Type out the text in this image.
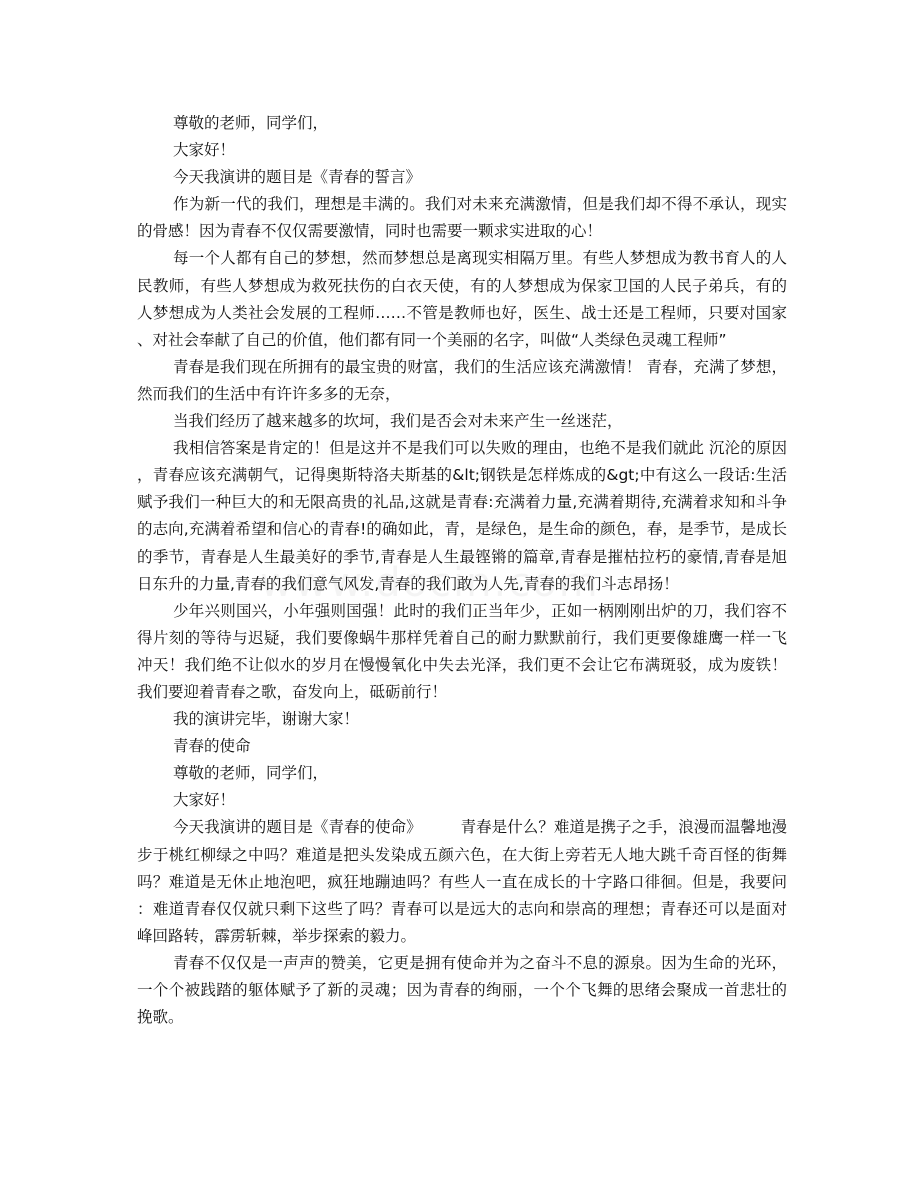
尊敬的老师，同学们，

大家好！

今天我演讲的题目是《青春的誓言》

作为新一代的我们，理想是丰满的。我们对未来充满激情，但是我们却不得不承认，现实的骨感！因为青春不仅仅需要激情，同时也需要一颗求实进取的心！

每一个人都有自己的梦想，然而梦想总是离现实相隔万里。有些人梦想成为教书育人的人民教师，有些人梦想成为救死扶伤的白衣天使，有的人梦想成为保家卫国的人民子弟兵，有的人梦想成为人类社会发展的工程师……不管是教师也好，医生、战士还是工程师，只要对国家、对社会奉献了自己的价值，他们都有同一个美丽的名字，叫做“人类绿色灵魂工程师”

青春是我们现在所拥有的最宝贵的财富，我们的生活应该充满激情！ 青春，充满了梦想，然而我们的生活中有许许多多的无奈，

当我们经历了越来越多的坎坷，我们是否会对未来产生一丝迷茫，

我相信答案是肯定的！但是这并不是我们可以失败的理由，也绝不是我们就此 沉沦的原因，青春应该充满朝气，记得奥斯特洛夫斯基的&lt;钢铁是怎样炼成的&gt;中有这么一段话:生活赋予我们一种巨大的和无限高贵的礼品,这就是青春:充满着力量,充满着期待,充满着求知和斗争的志向,充满着希望和信心的青春!的确如此，青，是绿色，是生命的颜色，春，是季节，是成长的季节，青春是人生最美好的季节,青春是人生最铿锵的篇章,青春是摧枯拉朽的豪情,青春是旭日东升的力量,青春的我们意气风发,青春的我们敢为人先,青春的我们斗志昂扬！

少年兴则国兴，小年强则国强！此时的我们正当年少，正如一柄刚刚出炉的刀，我们容不得片刻的等待与迟疑，我们要像蜗牛那样凭着自己的耐力默默前行，我们更要像雄鹰一样一飞冲天！我们绝不让似水的岁月在慢慢氧化中失去光泽，我们更不会让它布满斑驳，成为废铁！我们要迎着青春之歌，奋发向上，砥砺前行！

我的演讲完毕，谢谢大家！

青春的使命

尊敬的老师，同学们，

大家好！

今天我演讲的题目是《青春的使命》　　　青春是什么？难道是携子之手，浪漫而温馨地漫步于桃红柳绿之中吗？难道是把头发染成五颜六色，在大街上旁若无人地大跳千奇百怪的街舞吗？难道是无休止地泡吧，疯狂地蹦迪吗？有些人一直在成长的十字路口徘徊。但是，我要问：难道青春仅仅就只剩下这些了吗？青春可以是远大的志向和崇高的理想；青春还可以是面对峰回路转，霹雳斩棘，举步探索的毅力。

青春不仅仅是一声声的赞美，它更是拥有使命并为之奋斗不息的源泉。因为生命的光环，一个个被践踏的躯体赋予了新的灵魂；因为青春的绚丽，一个个飞舞的思绪会聚成一首悲壮的挽歌。
